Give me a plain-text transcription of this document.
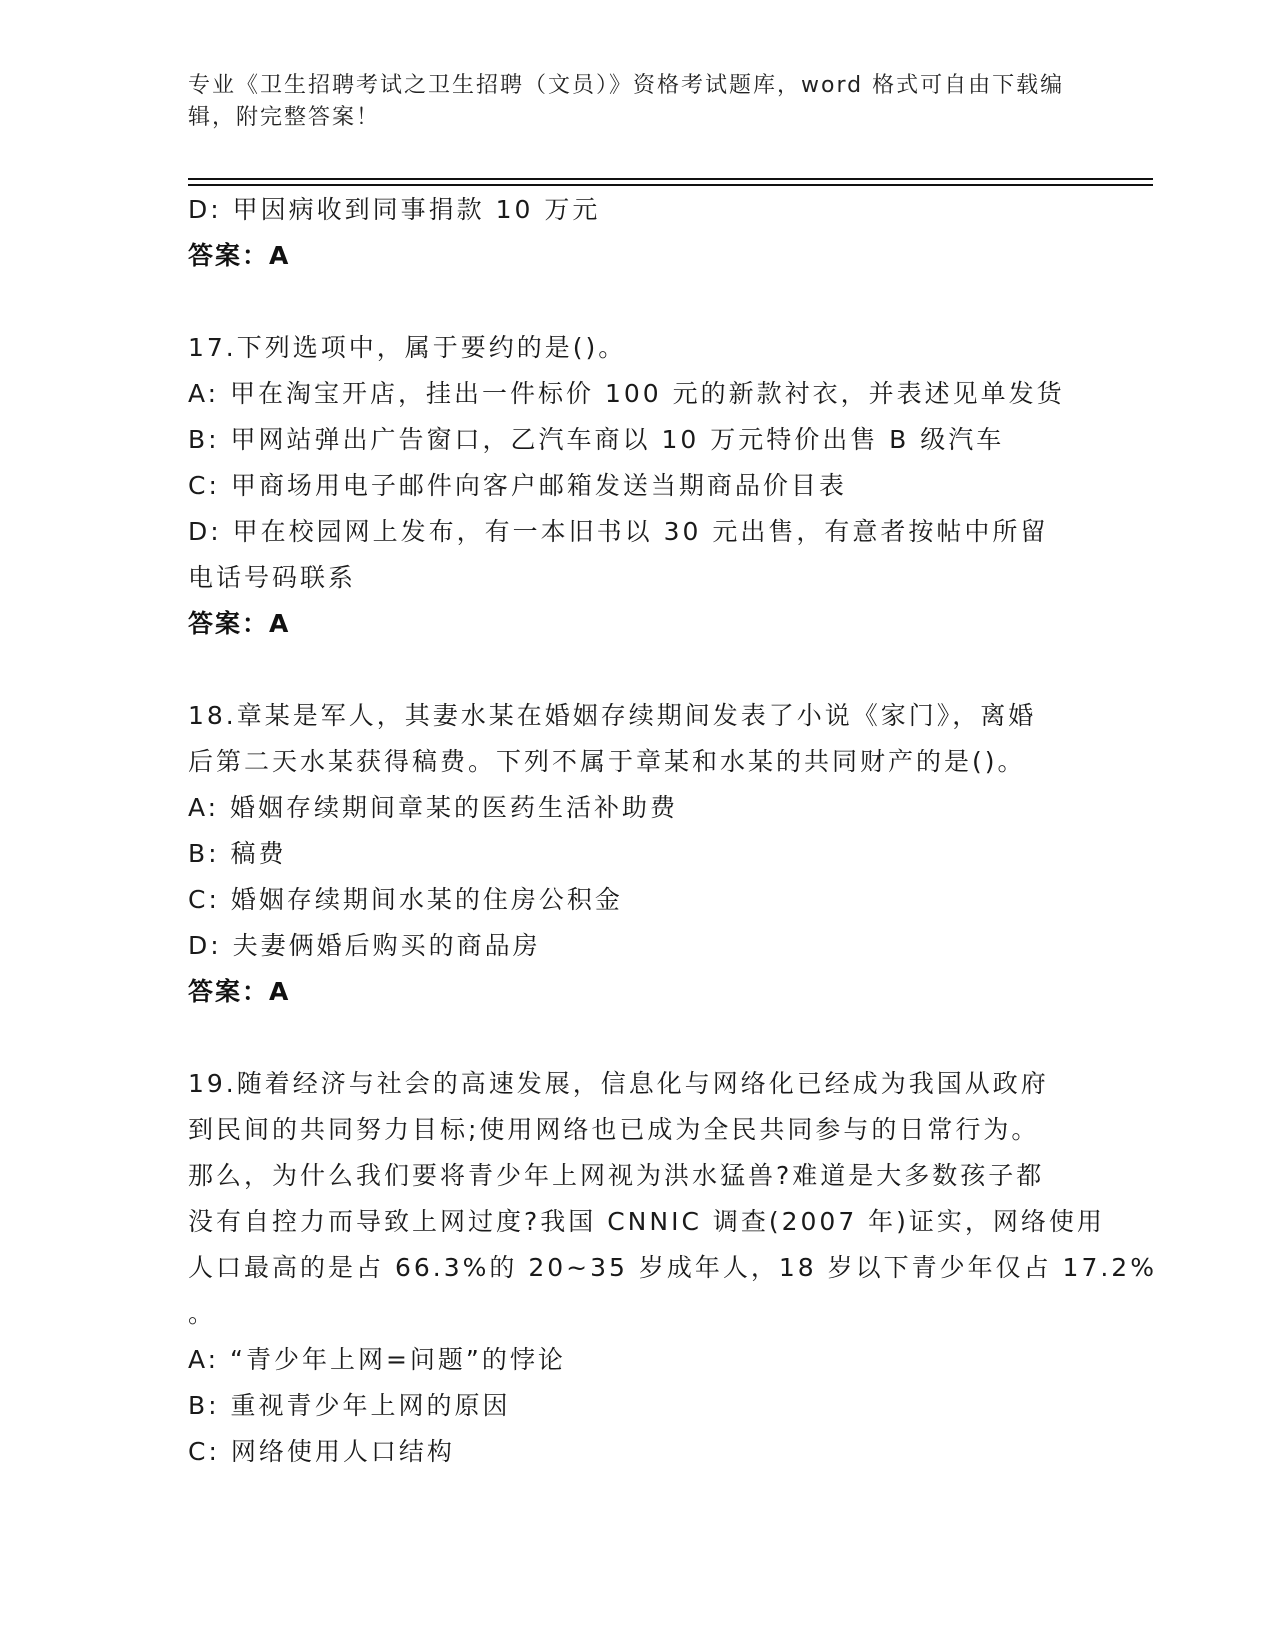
专业《卫生招聘考试之卫生招聘（文员）》资格考试题库，word 格式可自由下载编辑，附完整答案！
D: 甲因病收到同事捐款 10 万元
答案：A
17.下列选项中，属于要约的是()。
A: 甲在淘宝开店，挂出一件标价 100 元的新款衬衣，并表述见单发货
B: 甲网站弹出广告窗口，乙汽车商以 10 万元特价出售 B 级汽车
C: 甲商场用电子邮件向客户邮箱发送当期商品价目表
D: 甲在校园网上发布，有一本旧书以 30 元出售，有意者按帖中所留
电话号码联系
答案：A
18.章某是军人，其妻水某在婚姻存续期间发表了小说《家门》，离婚
后第二天水某获得稿费。下列不属于章某和水某的共同财产的是()。
A: 婚姻存续期间章某的医药生活补助费
B: 稿费
C: 婚姻存续期间水某的住房公积金
D: 夫妻俩婚后购买的商品房
答案：A
19.随着经济与社会的高速发展，信息化与网络化已经成为我国从政府
到民间的共同努力目标;使用网络也已成为全民共同参与的日常行为。
那么，为什么我们要将青少年上网视为洪水猛兽?难道是大多数孩子都
没有自控力而导致上网过度?我国 CNNIC 调查(2007 年)证实，网络使用
人口最高的是占 66.3%的 20~35 岁成年人，18 岁以下青少年仅占 17.2%
。
A: “青少年上网=问题”的悖论
B: 重视青少年上网的原因
C: 网络使用人口结构
